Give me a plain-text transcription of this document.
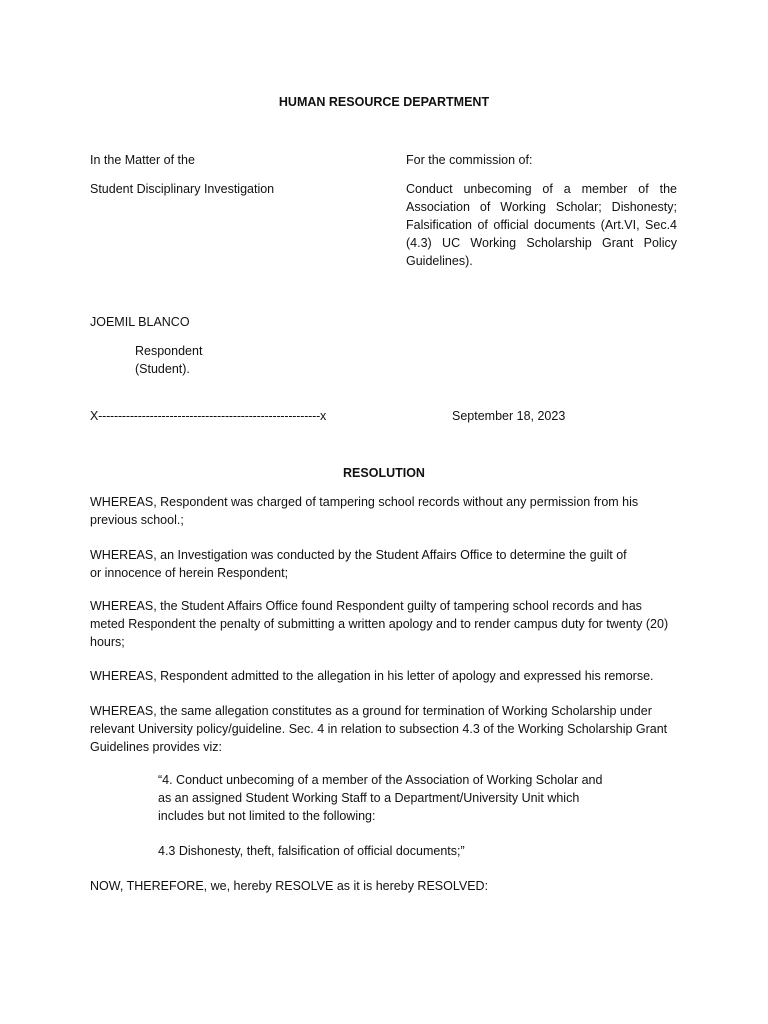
HUMAN RESOURCE DEPARTMENT

In the Matter of the

Student Disciplinary Investigation

For the commission of:

Conduct unbecoming of a member of the Association of Working Scholar; Dishonesty; Falsification of official documents (Art.VI, Sec.4 (4.3) UC Working Scholarship Grant Policy Guidelines).

JOEMIL BLANCO

Respondent
(Student).

X--------------------------------------------------------x	September 18, 2023

RESOLUTION

WHEREAS, Respondent was charged of tampering school records without any permission from his previous school.;

WHEREAS, an Investigation was conducted by the Student Affairs Office to determine the guilt of or innocence of herein Respondent;

WHEREAS, the Student Affairs Office found Respondent guilty of tampering school records and has meted Respondent the penalty of submitting a written apology and to render campus duty for twenty (20) hours;

WHEREAS, Respondent admitted to the allegation in his letter of apology and expressed his remorse.

WHEREAS, the same allegation constitutes as a ground for termination of Working Scholarship under relevant University policy/guideline. Sec. 4 in relation to subsection 4.3 of the Working Scholarship Grant Guidelines provides viz:

“4. Conduct unbecoming of a member of the Association of Working Scholar and as an assigned Student Working Staff to a Department/University Unit which includes but not limited to the following:

4.3 Dishonesty, theft, falsification of official documents;”

NOW, THEREFORE, we, hereby RESOLVE as it is hereby RESOLVED:
